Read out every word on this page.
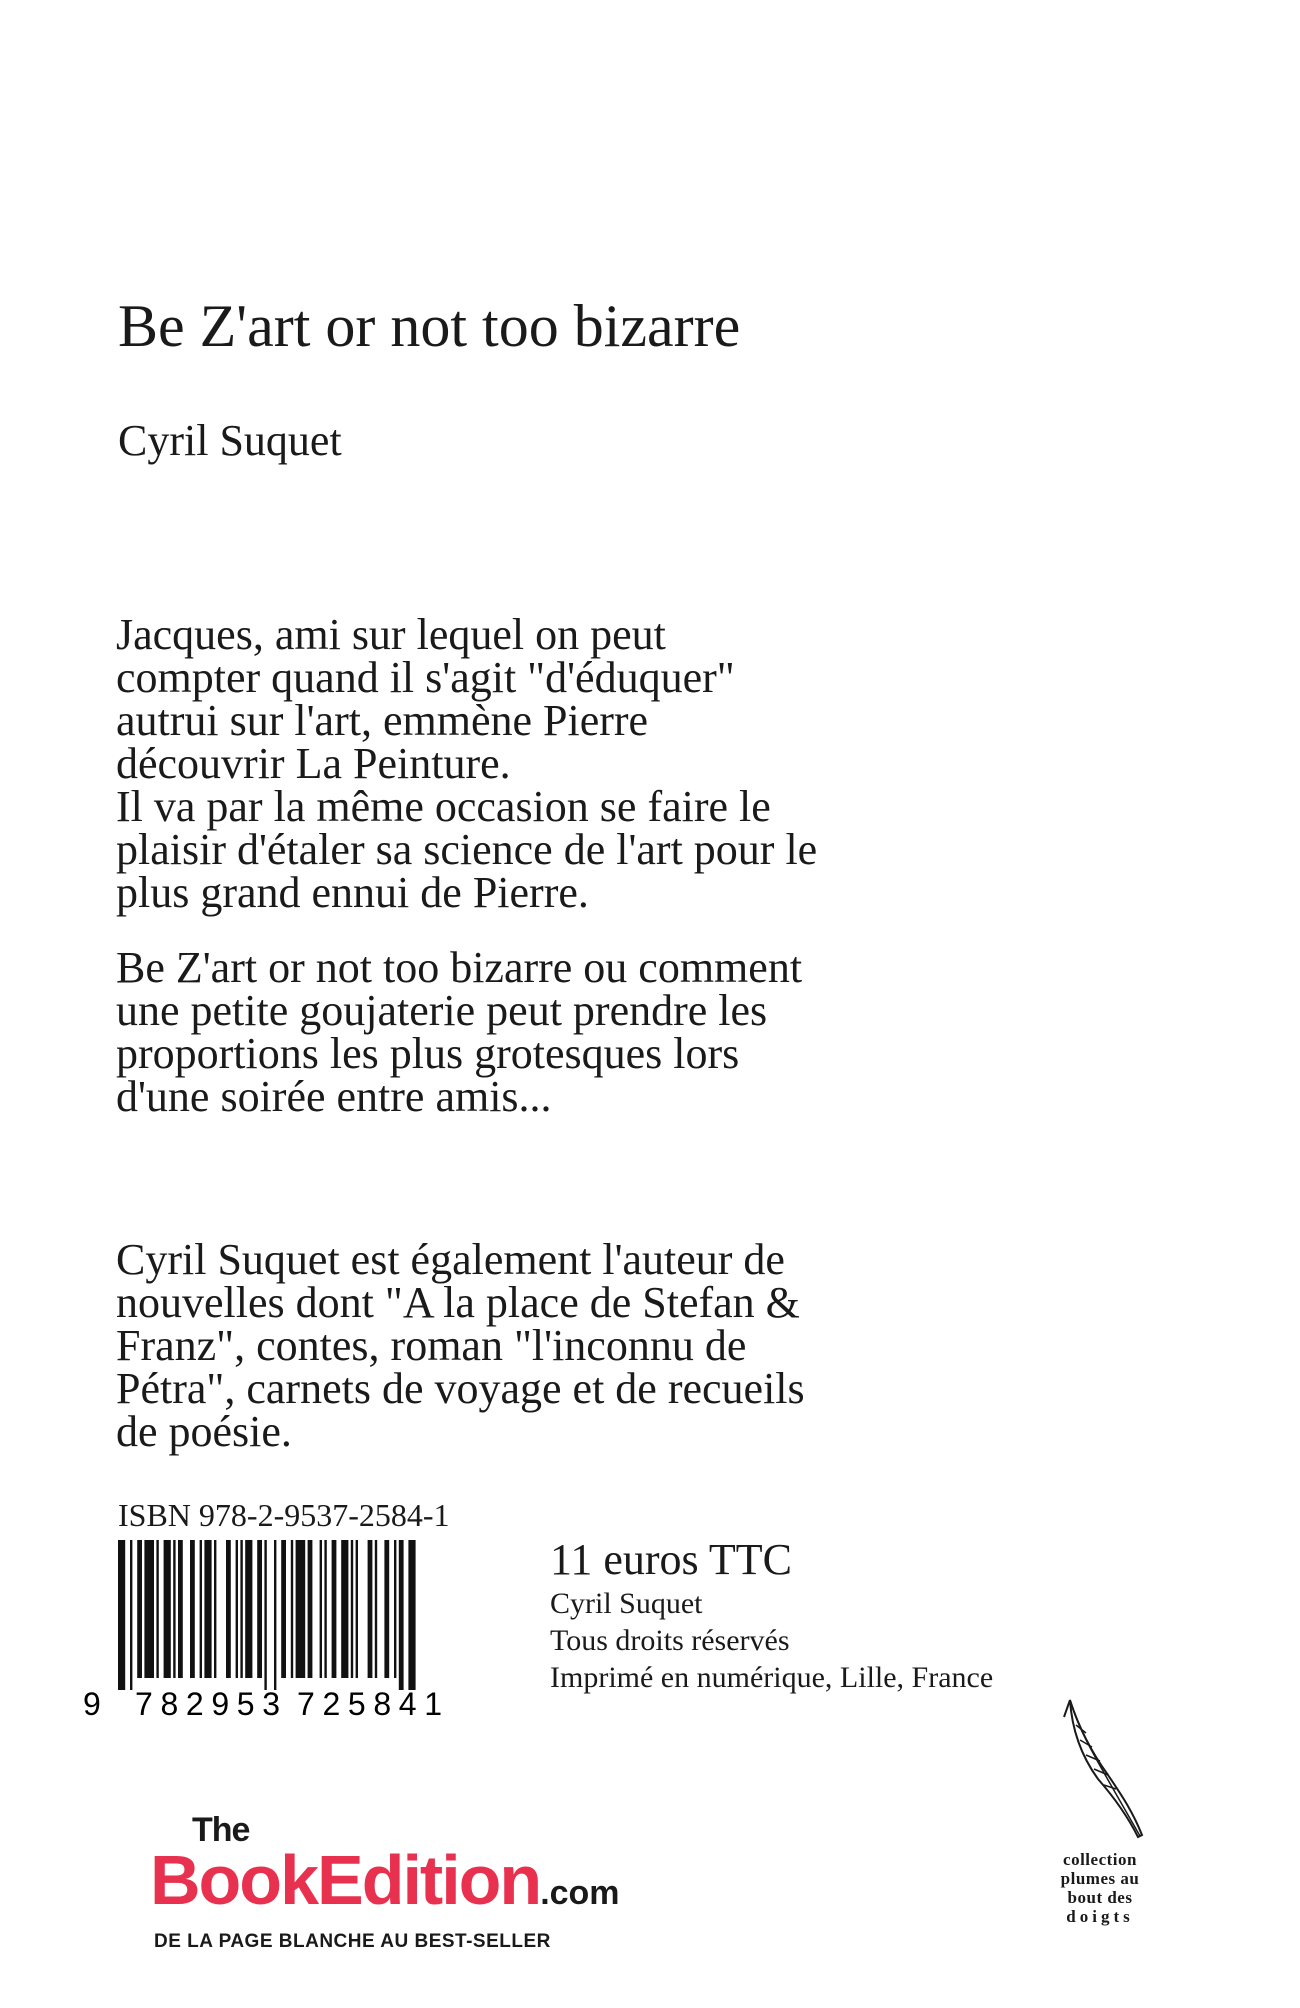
Be Z'art or not too bizarre
Cyril Suquet
Jacques, ami sur lequel on peut
compter quand il s'agit "d'éduquer"
autrui sur l'art, emmène Pierre
découvrir La Peinture.
Il va par la même occasion se faire le
plaisir d'étaler sa science de l'art pour le
plus grand ennui de Pierre.
Be Z'art or not too bizarre ou comment
une petite goujaterie peut prendre les
proportions les plus grotesques lors
d'une soirée entre amis...
Cyril Suquet est également l'auteur de
nouvelles dont "A la place de Stefan &
Franz", contes, roman "l'inconnu de
Pétra", carnets de voyage et de recueils
de poésie.
ISBN 978-2-9537-2584-1
9 782953 725841
11 euros TTC
Cyril Suquet
Tous droits réservés
Imprimé en numérique, Lille, France
The
BookEdition.com
DE LA PAGE BLANCHE AU BEST-SELLER
collection
plumes au
bout des
doigts
